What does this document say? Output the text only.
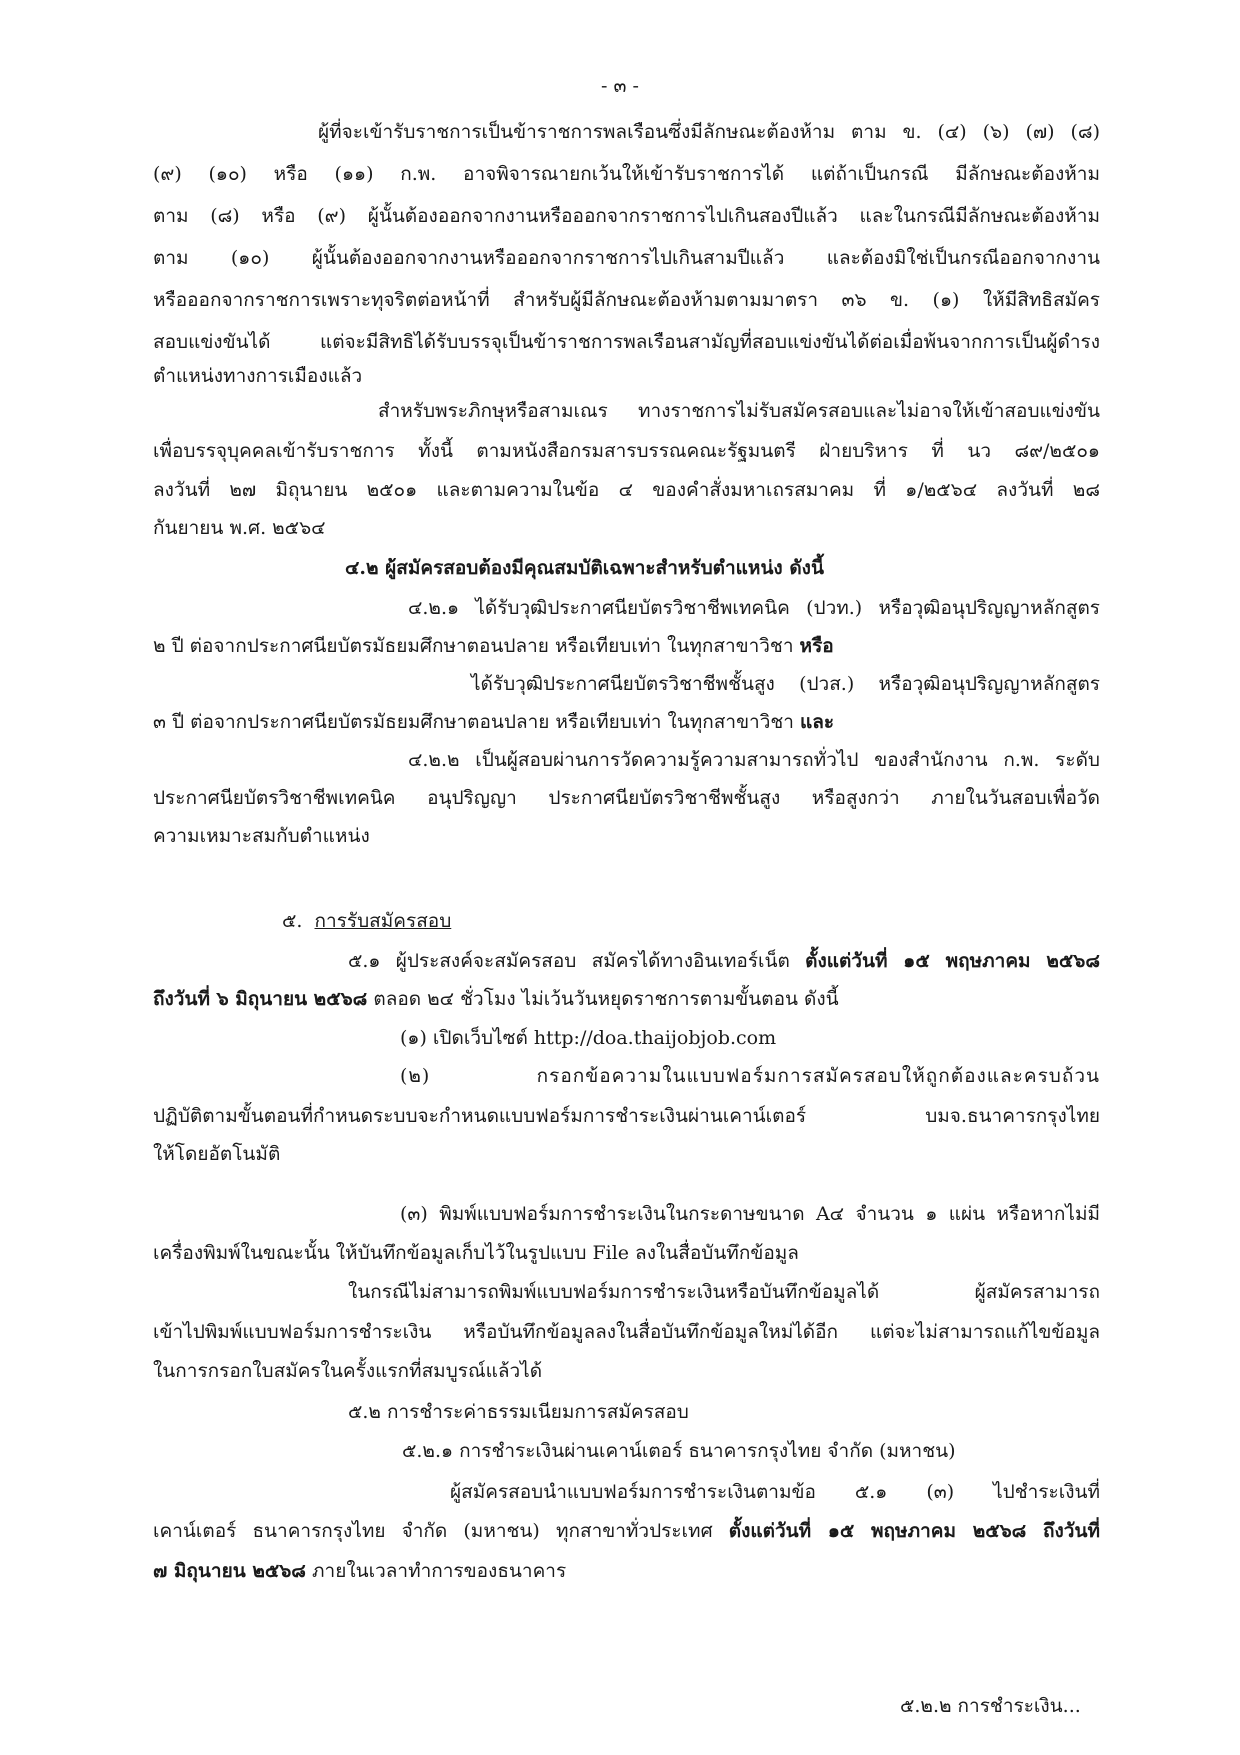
- ๓ -
ผู้ที่จะเข้ารับราชการเป็นข้าราชการพลเรือนซึ่งมีลักษณะต้องห้าม ตาม ข. (๔) (๖) (๗) (๘)
(๙) (๑๐) หรือ (๑๑) ก.พ. อาจพิจารณายกเว้นให้เข้ารับราชการได้ แต่ถ้าเป็นกรณี มีลักษณะต้องห้าม
ตาม (๘) หรือ (๙) ผู้นั้นต้องออกจากงานหรือออกจากราชการไปเกินสองปีแล้ว และในกรณีมีลักษณะต้องห้าม
ตาม (๑๐) ผู้นั้นต้องออกจากงานหรือออกจากราชการไปเกินสามปีแล้ว และต้องมิใช่เป็นกรณีออกจากงาน
หรือออกจากราชการเพราะทุจริตต่อหน้าที่ สำหรับผู้มีลักษณะต้องห้ามตามมาตรา ๓๖ ข. (๑) ให้มีสิทธิสมัคร
สอบแข่งขันได้ แต่จะมีสิทธิได้รับบรรจุเป็นข้าราชการพลเรือนสามัญที่สอบแข่งขันได้ต่อเมื่อพ้นจากการเป็นผู้ดำรง
ตำแหน่งทางการเมืองแล้ว
สำหรับพระภิกษุหรือสามเณร ทางราชการไม่รับสมัครสอบและไม่อาจให้เข้าสอบแข่งขัน
เพื่อบรรจุบุคคลเข้ารับราชการ ทั้งนี้ ตามหนังสือกรมสารบรรณคณะรัฐมนตรี ฝ่ายบริหาร ที่ นว ๘๙/๒๕๐๑
ลงวันที่ ๒๗ มิถุนายน ๒๕๐๑ และตามความในข้อ ๔ ของคำสั่งมหาเถรสมาคม ที่ ๑/๒๕๖๔ ลงวันที่ ๒๘
กันยายน พ.ศ. ๒๕๖๔
๔.๒ ผู้สมัครสอบต้องมีคุณสมบัติเฉพาะสำหรับตำแหน่ง ดังนี้
๔.๒.๑ ได้รับวุฒิประกาศนียบัตรวิชาชีพเทคนิค (ปวท.) หรือวุฒิอนุปริญญาหลักสูตร
๒ ปี ต่อจากประกาศนียบัตรมัธยมศึกษาตอนปลาย หรือเทียบเท่า ในทุกสาขาวิชา หรือ
ได้รับวุฒิประกาศนียบัตรวิชาชีพชั้นสูง (ปวส.) หรือวุฒิอนุปริญญาหลักสูตร
๓ ปี ต่อจากประกาศนียบัตรมัธยมศึกษาตอนปลาย หรือเทียบเท่า ในทุกสาขาวิชา และ
๔.๒.๒ เป็นผู้สอบผ่านการวัดความรู้ความสามารถทั่วไป ของสำนักงาน ก.พ. ระดับ
ประกาศนียบัตรวิชาชีพเทคนิค อนุปริญญา ประกาศนียบัตรวิชาชีพชั้นสูง หรือสูงกว่า ภายในวันสอบเพื่อวัด
ความเหมาะสมกับตำแหน่ง
๕. การรับสมัครสอบ
๕.๑ ผู้ประสงค์จะสมัครสอบ สมัครได้ทางอินเทอร์เน็ต ตั้งแต่วันที่ ๑๕ พฤษภาคม ๒๕๖๘
ถึงวันที่ ๖ มิถุนายน ๒๕๖๘ ตลอด ๒๔ ชั่วโมง ไม่เว้นวันหยุดราชการตามขั้นตอน ดังนี้
(๑) เปิดเว็บไซต์ http://doa.thaijobjob.com
(๒) กรอกข้อความในแบบฟอร์มการสมัครสอบให้ถูกต้องและครบถ้วน
ปฏิบัติตามขั้นตอนที่กำหนดระบบจะกำหนดแบบฟอร์มการชำระเงินผ่านเคาน์เตอร์ บมจ.ธนาคารกรุงไทย
ให้โดยอัตโนมัติ
(๓) พิมพ์แบบฟอร์มการชำระเงินในกระดาษขนาด A๔ จำนวน ๑ แผ่น หรือหากไม่มี
เครื่องพิมพ์ในขณะนั้น ให้บันทึกข้อมูลเก็บไว้ในรูปแบบ File ลงในสื่อบันทึกข้อมูล
ในกรณีไม่สามารถพิมพ์แบบฟอร์มการชำระเงินหรือบันทึกข้อมูลได้ ผู้สมัครสามารถ
เข้าไปพิมพ์แบบฟอร์มการชำระเงิน หรือบันทึกข้อมูลลงในสื่อบันทึกข้อมูลใหม่ได้อีก แต่จะไม่สามารถแก้ไขข้อมูล
ในการกรอกใบสมัครในครั้งแรกที่สมบูรณ์แล้วได้
๕.๒ การชำระค่าธรรมเนียมการสมัครสอบ
๕.๒.๑ การชำระเงินผ่านเคาน์เตอร์ ธนาคารกรุงไทย จำกัด (มหาชน)
ผู้สมัครสอบนำแบบฟอร์มการชำระเงินตามข้อ ๕.๑ (๓) ไปชำระเงินที่
เคาน์เตอร์ ธนาคารกรุงไทย จำกัด (มหาชน) ทุกสาขาทั่วประเทศ ตั้งแต่วันที่ ๑๕ พฤษภาคม ๒๕๖๘ ถึงวันที่
๗ มิถุนายน ๒๕๖๘ ภายในเวลาทำการของธนาคาร
๕.๒.๒ การชำระเงิน...
